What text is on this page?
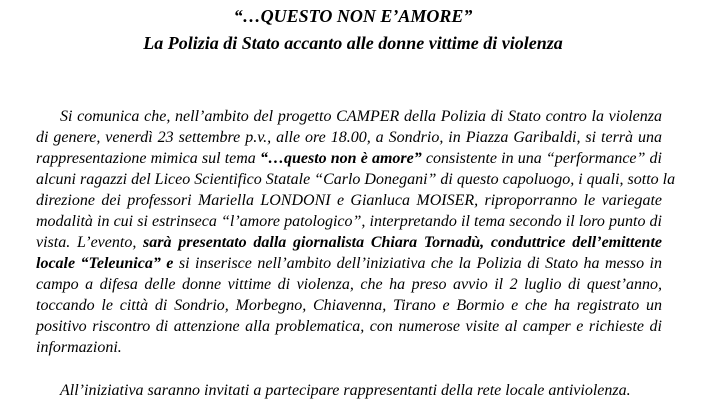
“…QUESTO NON E’AMORE”
La Polizia di Stato accanto alle donne vittime di violenza

Si comunica che, nell’ambito del progetto CAMPER della Polizia di Stato contro la violenza

di genere, venerdì 23 settembre p.v., alle ore 18.00, a Sondrio, in Piazza Garibaldi, si terrà una

rappresentazione mimica sul tema “…questo non è amore” consistente in una “performance” di

alcuni ragazzi del Liceo Scientifico Statale “Carlo Donegani” di questo capoluogo, i quali, sotto la

direzione dei professori Mariella LONDONI e Gianluca MOISER, riproporranno le variegate

modalità in cui si estrinseca “l’amore patologico”, interpretando il tema secondo il loro punto di

vista. L’evento, sarà presentato dalla giornalista Chiara Tornadù, conduttrice dell’emittente

locale “Teleunica” e si inserisce nell’ambito dell’iniziativa che la Polizia di Stato ha messo in

campo a difesa delle donne vittime di violenza, che ha preso avvio il 2 luglio di quest’anno,

toccando le città di Sondrio, Morbegno, Chiavenna, Tirano e Bormio e che ha registrato un

positivo riscontro di attenzione alla problematica, con numerose visite al camper e richieste di

informazioni.

All’iniziativa saranno invitati a partecipare rappresentanti della rete locale antiviolenza.
